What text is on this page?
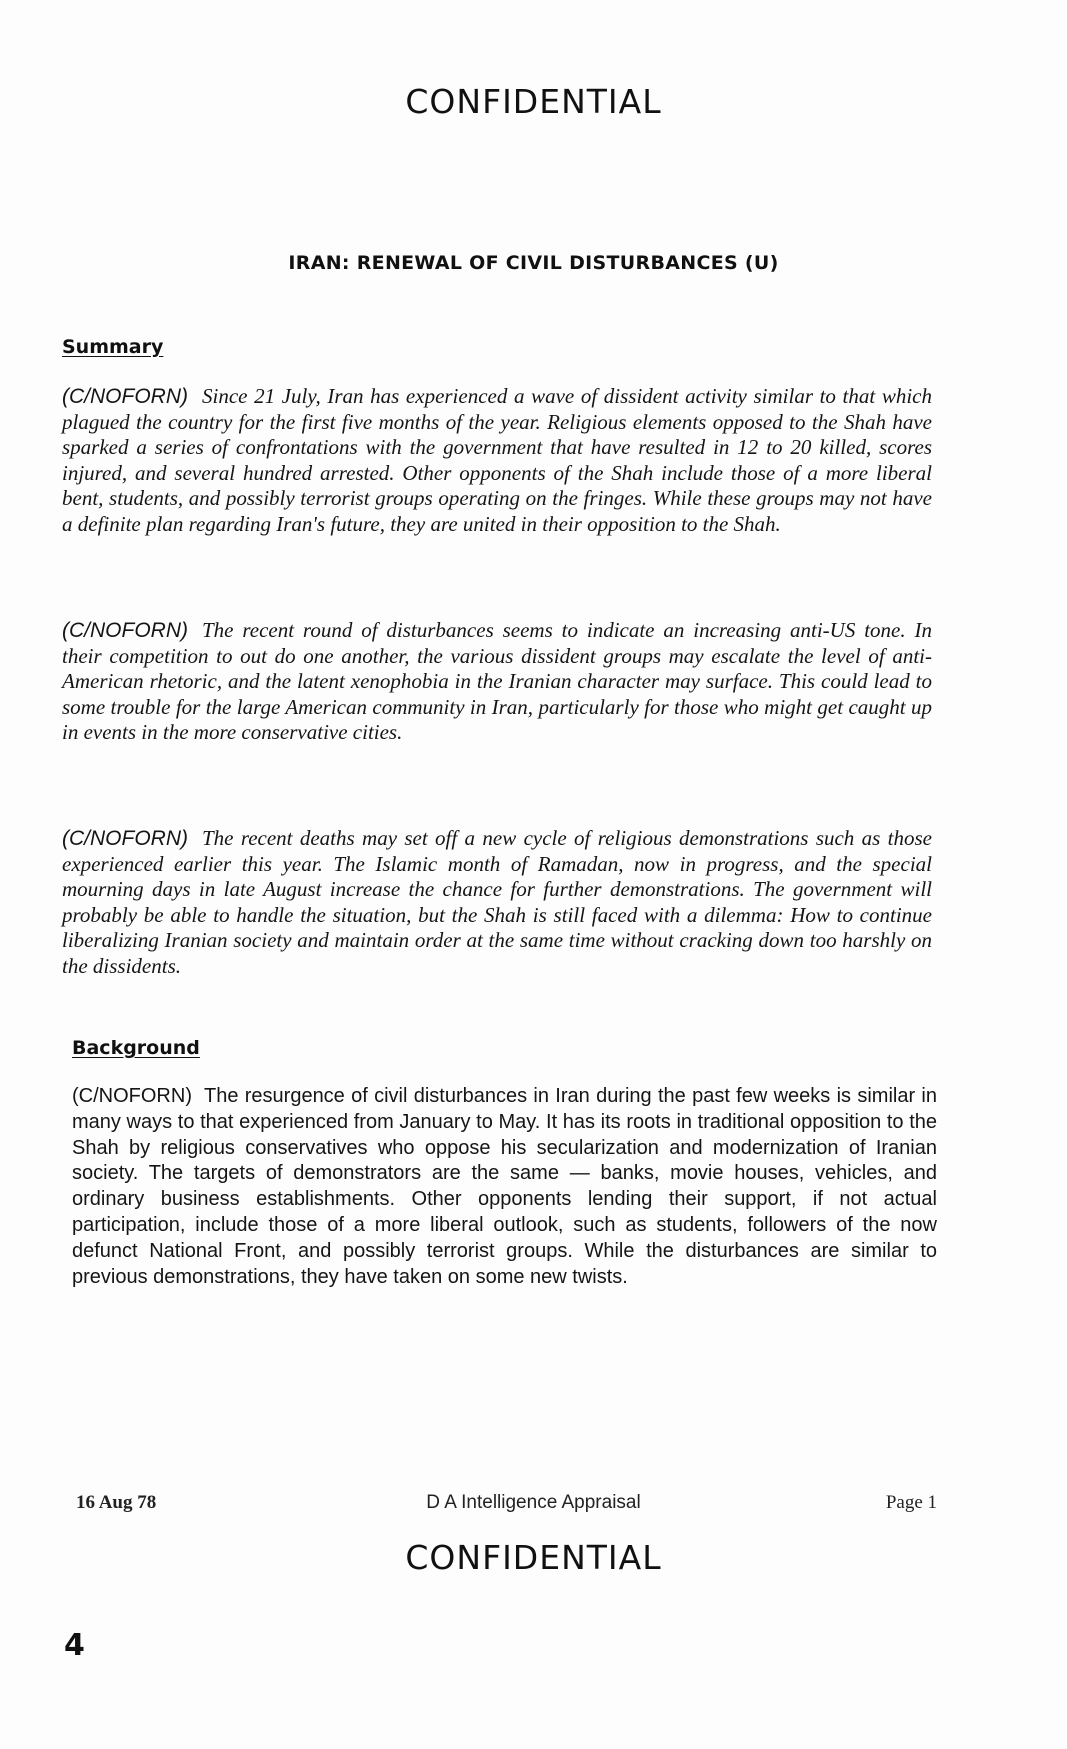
CONFIDENTIAL
IRAN: RENEWAL OF CIVIL DISTURBANCES (U)
Summary
(C/NOFORN) Since 21 July, Iran has experienced a wave of dissident activity similar to that which plagued the country for the first five months of the year. Religious elements opposed to the Shah have sparked a series of confrontations with the government that have resulted in 12 to 20 killed, scores injured, and several hundred arrested. Other opponents of the Shah include those of a more liberal bent, students, and possibly terrorist groups operating on the fringes. While these groups may not have a definite plan regarding Iran's future, they are united in their opposition to the Shah.
(C/NOFORN) The recent round of disturbances seems to indicate an increasing anti-US tone. In their competition to out do one another, the various dissident groups may escalate the level of anti-American rhetoric, and the latent xenophobia in the Iranian character may surface. This could lead to some trouble for the large American community in Iran, particularly for those who might get caught up in events in the more conservative cities.
(C/NOFORN) The recent deaths may set off a new cycle of religious demonstrations such as those experienced earlier this year. The Islamic month of Ramadan, now in progress, and the special mourning days in late August increase the chance for further demonstrations. The government will probably be able to handle the situation, but the Shah is still faced with a dilemma: How to continue liberalizing Iranian society and maintain order at the same time without cracking down too harshly on the dissidents.
Background
(C/NOFORN) The resurgence of civil disturbances in Iran during the past few weeks is similar in many ways to that experienced from January to May. It has its roots in traditional opposition to the Shah by religious conservatives who oppose his secularization and modernization of Iranian society. The targets of demonstrators are the same — banks, movie houses, vehicles, and ordinary business establishments. Other opponents lending their support, if not actual participation, include those of a more liberal outlook, such as students, followers of the now defunct National Front, and possibly terrorist groups. While the disturbances are similar to previous demonstrations, they have taken on some new twists.
16 Aug 78	D A Intelligence Appraisal	Page 1
CONFIDENTIAL
4
